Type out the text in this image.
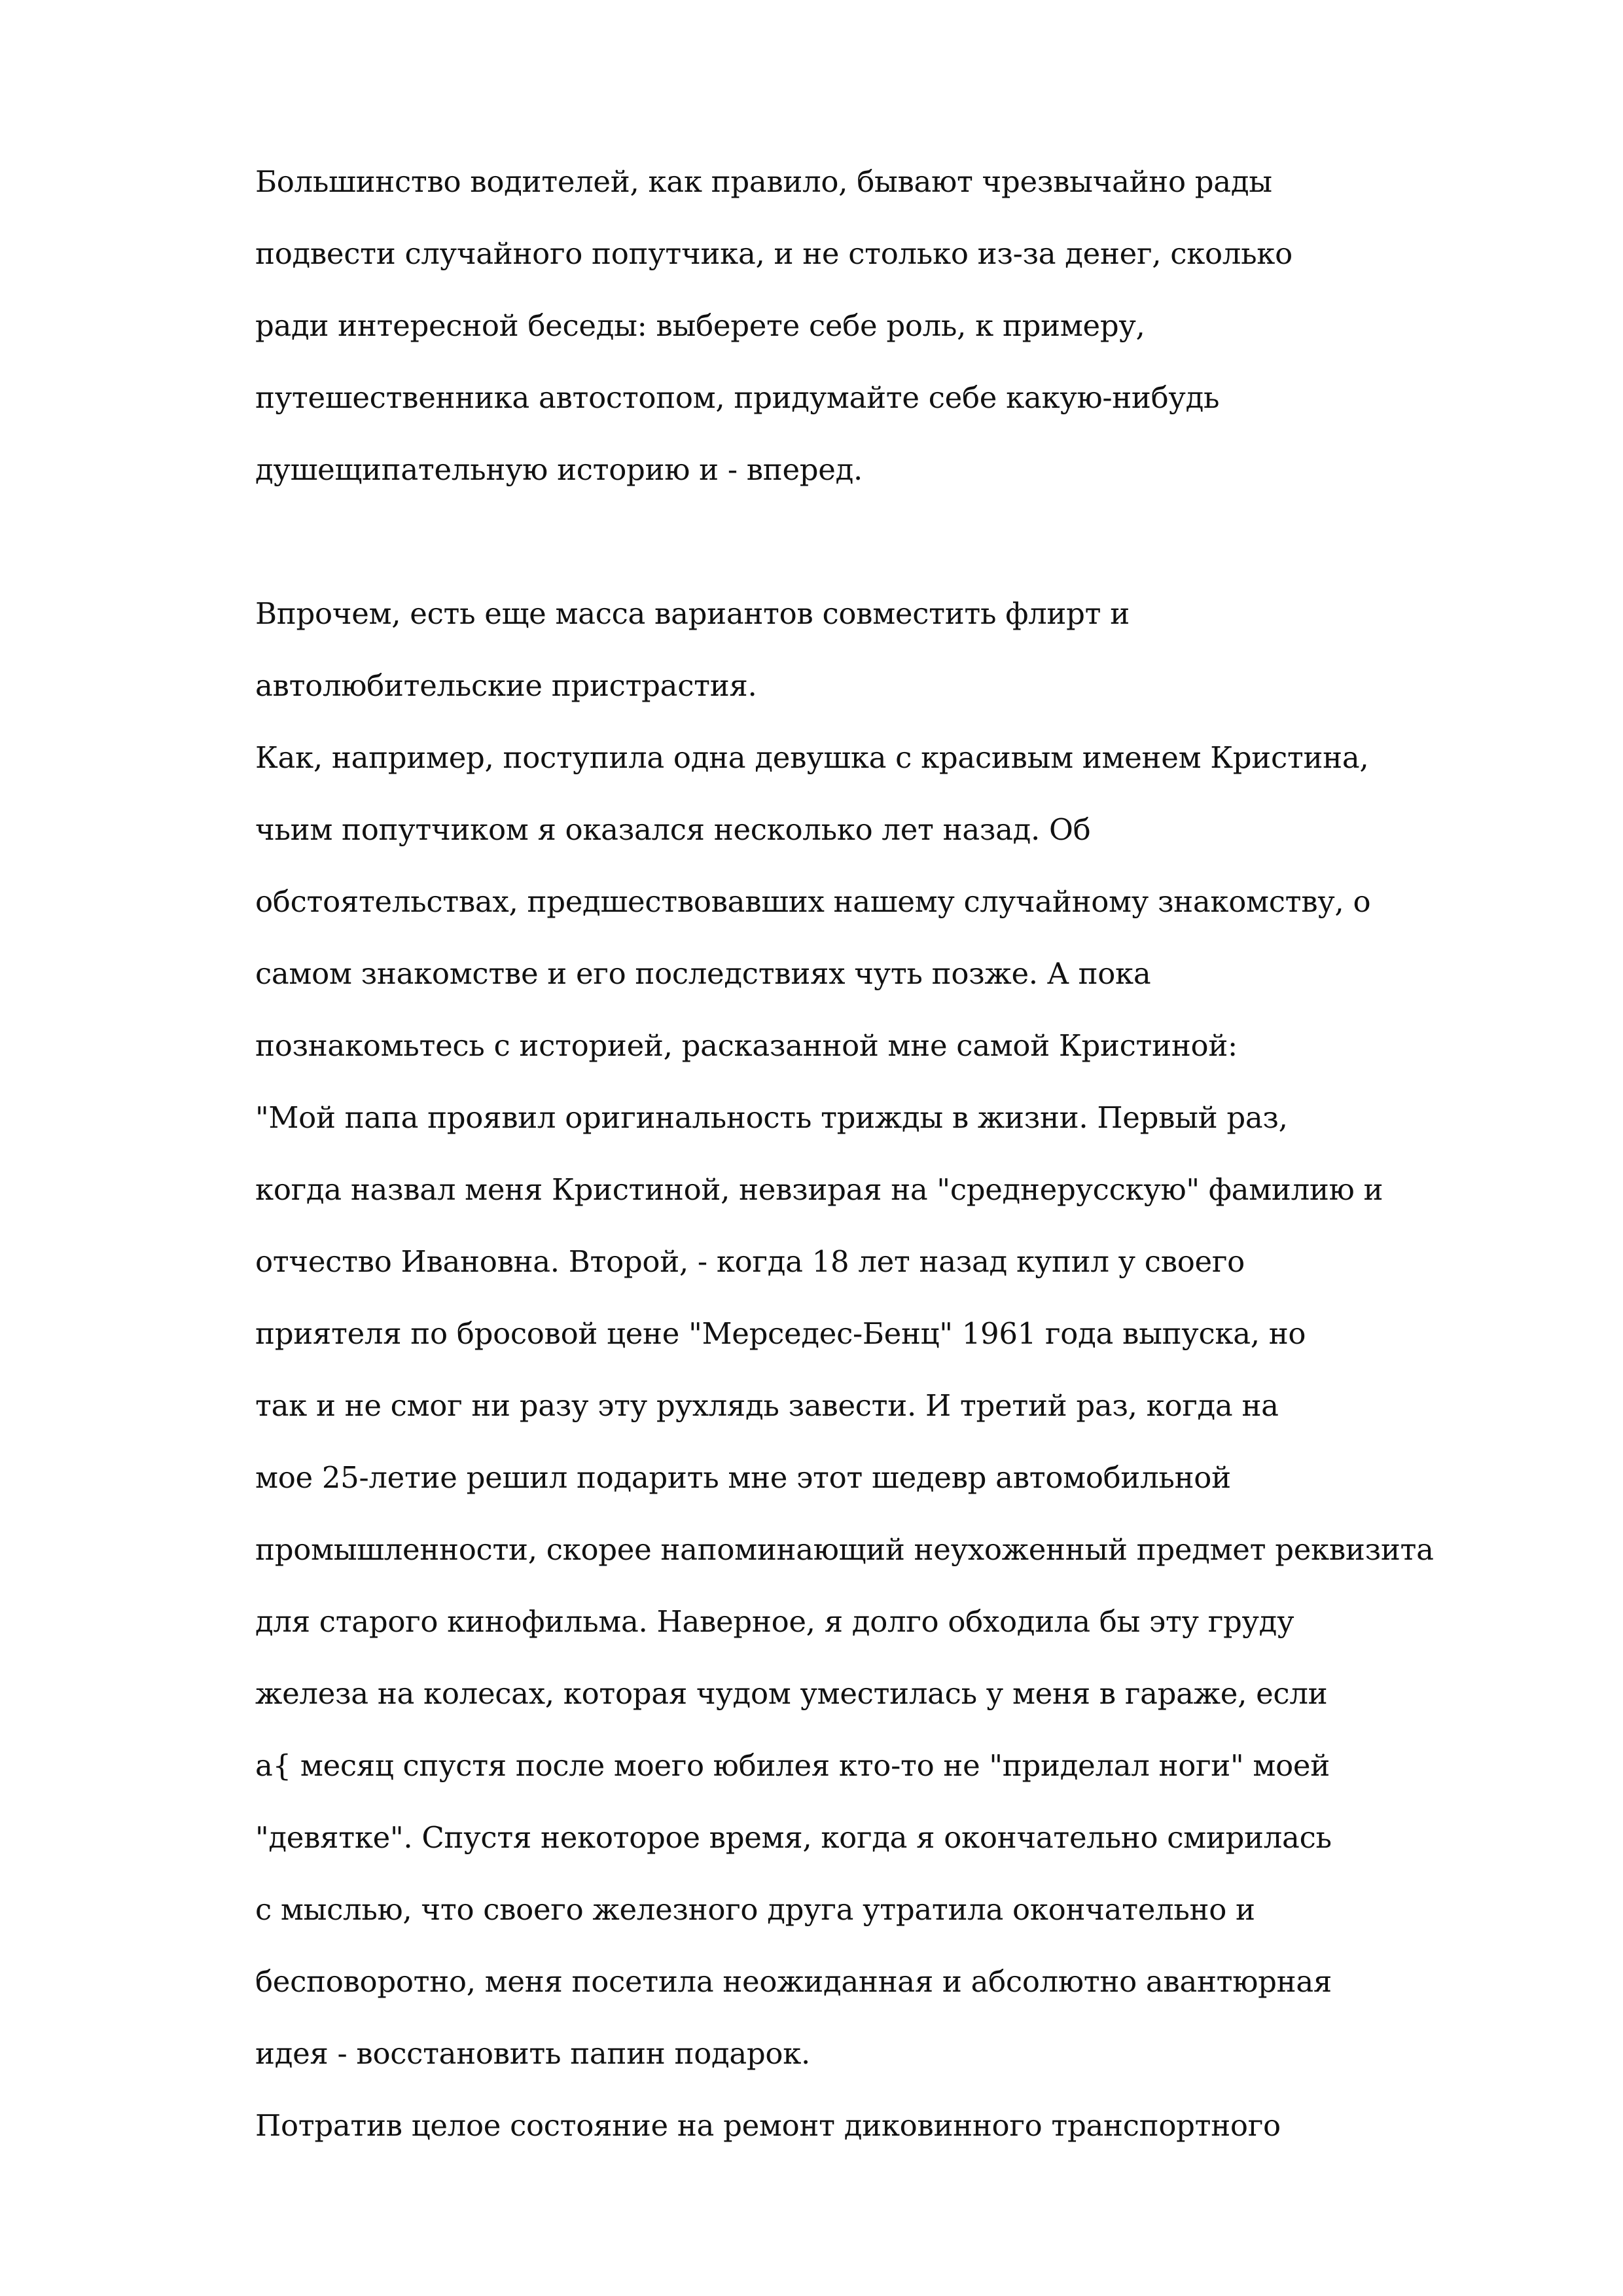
Большинство водителей, как правило, бывают чрезвычайно рады
подвести случайного попутчика, и не столько из-за денег, сколько
ради интересной беседы: выберете себе роль, к примеру,
путешественника автостопом, придумайте себе какую-нибудь
душещипательную историю и - вперед.
Впрочем, есть еще масса вариантов совместить флирт и
автолюбительские пристрастия.
Как, например, поступила одна девушка с красивым именем Кристина,
чьим попутчиком я оказался несколько лет назад. Об
обстоятельствах, предшествовавших нашему случайному знакомству, о
самом знакомстве и его последствиях чуть позже. А пока
познакомьтесь с историей, расказанной мне самой Кристиной:
"Мой папа проявил оригинальность трижды в жизни. Первый раз,
когда назвал меня Кристиной, невзирая на "среднерусскую" фамилию и
отчество Ивановна. Второй, - когда 18 лет назад купил у своего
приятеля по бросовой цене "Мерседес-Бенц" 1961 года выпуска, но
так и не смог ни разу эту рухлядь завести. И третий раз, когда на
мое 25-летие решил подарить мне этот шедевр автомобильной
промышленности, скорее напоминающий неухоженный предмет реквизита
для старого кинофильма. Наверное, я долго обходила бы эту груду
железа на колесах, которая чудом уместилась у меня в гараже, если
а{ месяц спустя после моего юбилея кто-то не "приделал ноги" моей
"девятке". Спустя некоторое время, когда я окончательно смирилась
с мыслью, что своего железного друга утратила окончательно и
бесповоротно, меня посетила неожиданная и абсолютно авантюрная
идея - восстановить папин подарок.
Потратив целое состояние на ремонт диковинного транспортного
